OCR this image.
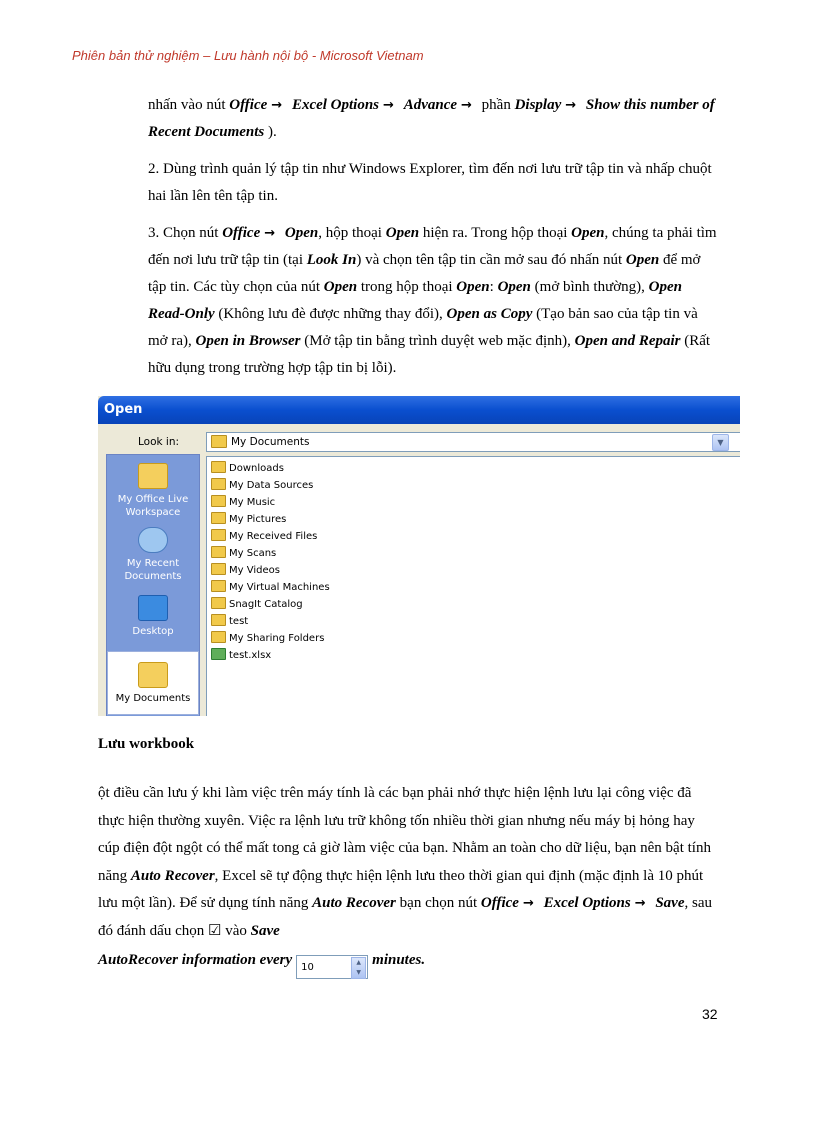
Phiên bản thử nghiệm – Lưu hành nội bộ - Microsoft Vietnam

nhấn vào nút Office → Excel Options → Advance → phần Display → Show this number of Recent Documents ).

2. Dùng trình quản lý tập tin như Windows Explorer, tìm đến nơi lưu trữ tập tin và nhấp chuột hai lần lên tên tập tin.

3. Chọn nút Office → Open, hộp thoại Open hiện ra. Trong hộp thoại Open, chúng ta phải tìm đến nơi lưu trữ tập tin (tại Look In) và chọn tên tập tin cần mở sau đó nhấn nút Open để mở tập tin. Các tùy chọn của nút Open trong hộp thoại Open: Open (mở bình thường), Open Read-Only (Không lưu đè được những thay đổi), Open as Copy (Tạo bản sao của tập tin và mở ra), Open in Browser (Mở tập tin bằng trình duyệt web mặc định), Open and Repair (Rất hữu dụng trong trường hợp tập tin bị lỗi).

Open
Look in:	My Documents	▼
My Office Live Workspace
My Recent Documents
Desktop
My Documents
Downloads
My Data Sources
My Music
My Pictures
My Received Files
My Scans
My Videos
My Virtual Machines
SnagIt Catalog
test
My Sharing Folders
test.xlsx
Lưu workbook

ột điều cần lưu ý khi làm việc trên máy tính là các bạn phải nhớ thực hiện lệnh lưu lại công việc đã thực hiện thường xuyên. Việc ra lệnh lưu trữ không tốn nhiều thời gian nhưng nếu máy bị hỏng hay cúp điện đột ngột có thể mất tong cả giờ làm việc của bạn. Nhằm an toàn cho dữ liệu, bạn nên bật tính năng Auto Recover, Excel sẽ tự động thực hiện lệnh lưu theo thời gian qui định (mặc định là 10 phút lưu một lần). Để sử dụng tính năng Auto Recover bạn chọn nút Office → Excel Options → Save, sau đó đánh dấu chọn ☑ vào Save

AutoRecover information every 10	▲
▼
minutes.
32
